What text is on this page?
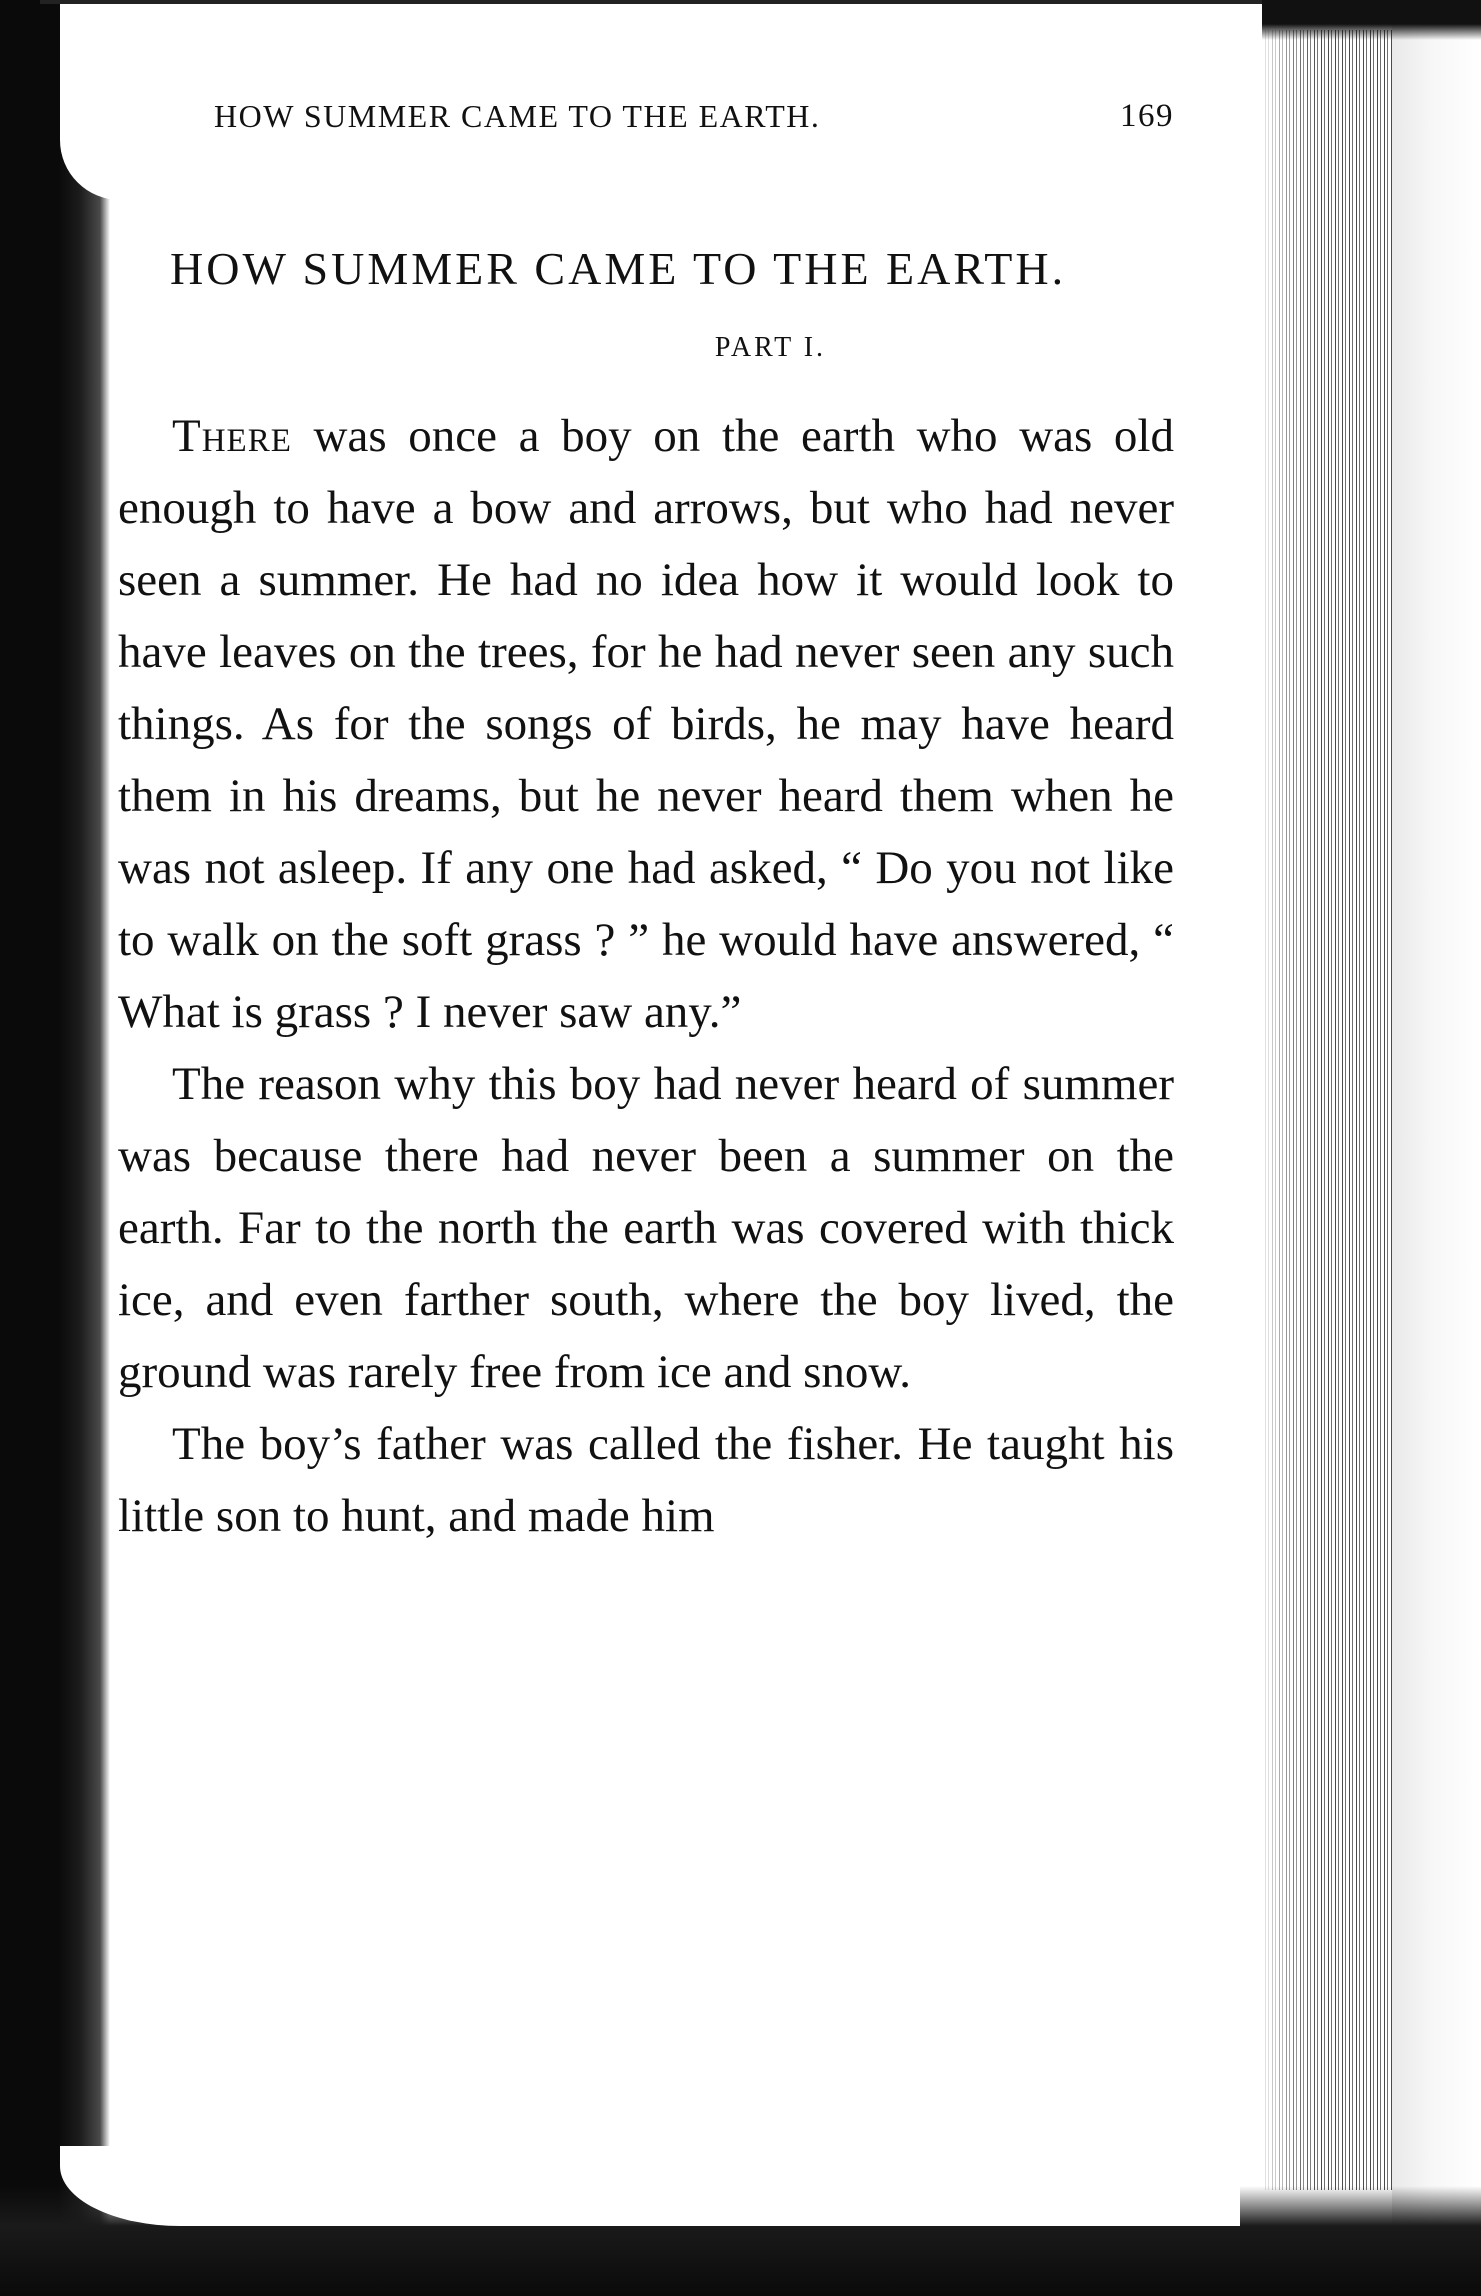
HOW SUMMER CAME TO THE EARTH.	169
HOW SUMMER CAME TO THE EARTH.
PART I.

There was once a boy on the earth who was old enough to have a bow and arrows, but who had never seen a summer. He had no idea how it would look to have leaves on the trees, for he had never seen any such things. As for the songs of birds, he may have heard them in his dreams, but he never heard them when he was not asleep. If any one had asked, “ Do you not like to walk on the soft grass ? ” he would have answered, “ What is grass ? I never saw any.”

The reason why this boy had never heard of summer was because there had never been a summer on the earth. Far to the north the earth was covered with thick ice, and even farther south, where the boy lived, the ground was rarely free from ice and snow.

The boy’s father was called the fisher. He taught his little son to hunt, and made him
